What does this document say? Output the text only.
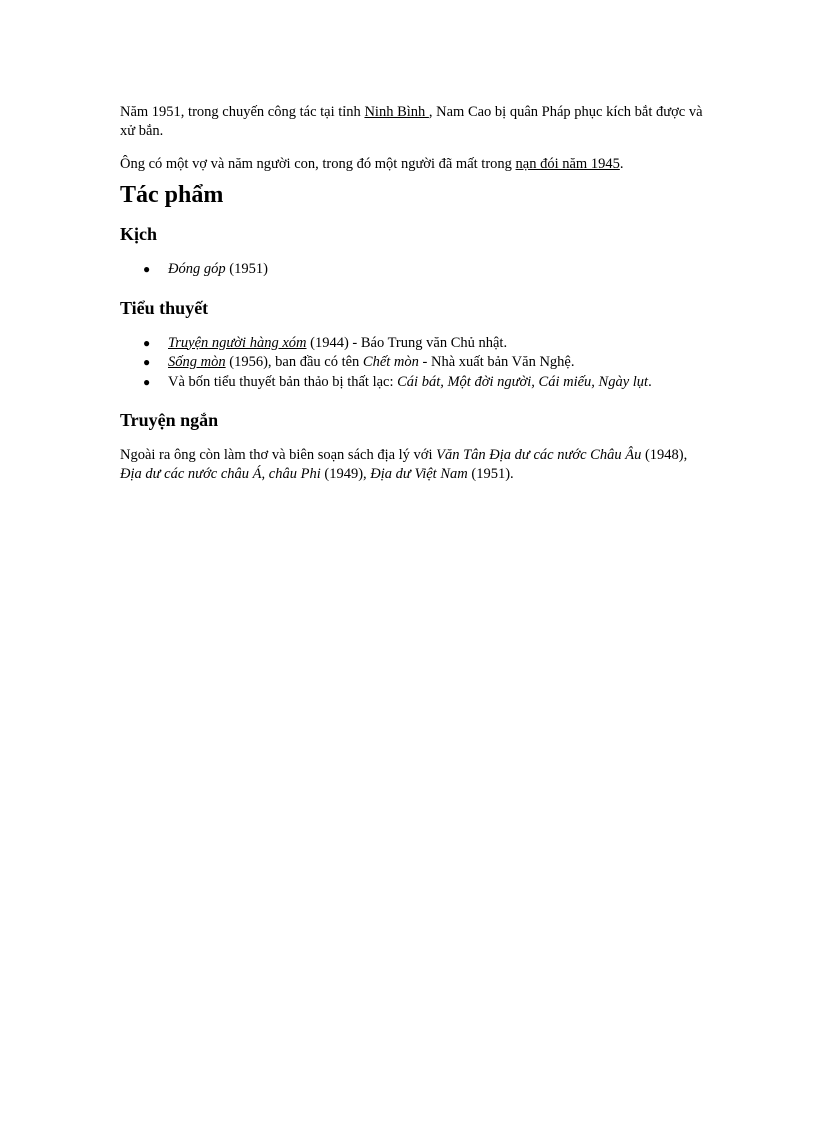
Năm 1951, trong chuyến công tác tại tỉnh Ninh Bình , Nam Cao bị quân Pháp phục kích bắt được và xử bắn.

Ông có một vợ và năm người con, trong đó một người đã mất trong nạn đói năm 1945.

Tác phẩm
Kịch
● Đóng góp (1951)
Tiểu thuyết
● Truyện người hàng xóm (1944) - Báo Trung văn Chủ nhật.
● Sống mòn (1956), ban đầu có tên Chết mòn - Nhà xuất bản Văn Nghệ.
● Và bốn tiểu thuyết bản thảo bị thất lạc: Cái bát, Một đời người, Cái miếu, Ngày lụt.
Truyện ngắn

Ngoài ra ông còn làm thơ và biên soạn sách địa lý với Văn Tân Địa dư các nước Châu Âu (1948), Địa dư các nước châu Á, châu Phi (1949), Địa dư Việt Nam (1951).
